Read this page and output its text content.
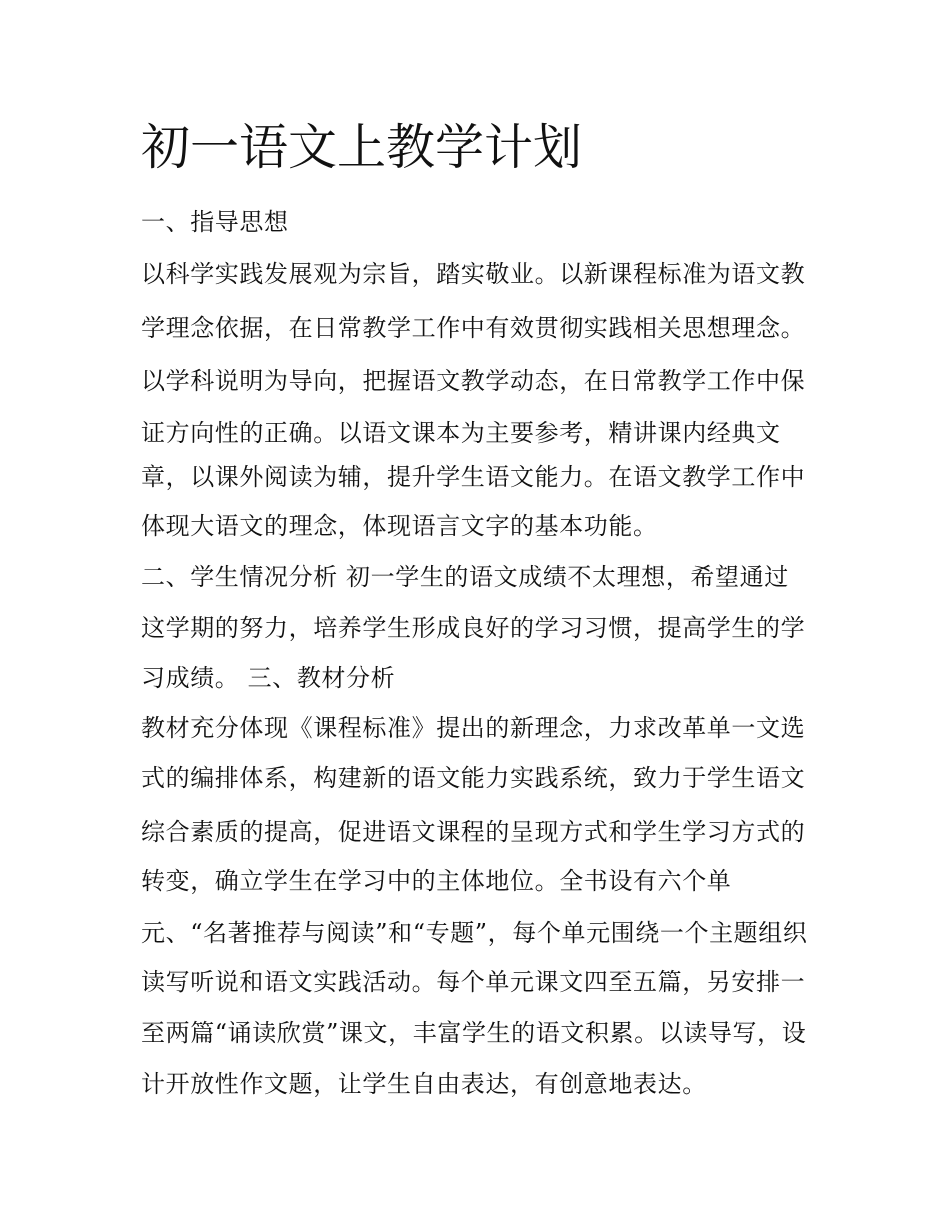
初一语文上教学计划
一、指导思想
以科学实践发展观为宗旨，踏实敬业。以新课程标准为语文教
学理念依据，在日常教学工作中有效贯彻实践相关思想理念。
以学科说明为导向，把握语文教学动态，在日常教学工作中保
证方向性的正确。以语文课本为主要参考，精讲课内经典文
章，以课外阅读为辅，提升学生语文能力。在语文教学工作中
体现大语文的理念，体现语言文字的基本功能。
二、学生情况分析 初一学生的语文成绩不太理想，希望通过
这学期的努力，培养学生形成良好的学习习惯，提高学生的学
习成绩。 三、教材分析
教材充分体现《课程标准》提出的新理念，力求改革单一文选
式的编排体系，构建新的语文能力实践系统，致力于学生语文
综合素质的提高，促进语文课程的呈现方式和学生学习方式的
转变，确立学生在学习中的主体地位。全书设有六个单
元、“名著推荐与阅读”和“专题”，每个单元围绕一个主题组织
读写听说和语文实践活动。每个单元课文四至五篇，另安排一
至两篇“诵读欣赏”课文，丰富学生的语文积累。以读导写，设
计开放性作文题，让学生自由表达，有创意地表达。
